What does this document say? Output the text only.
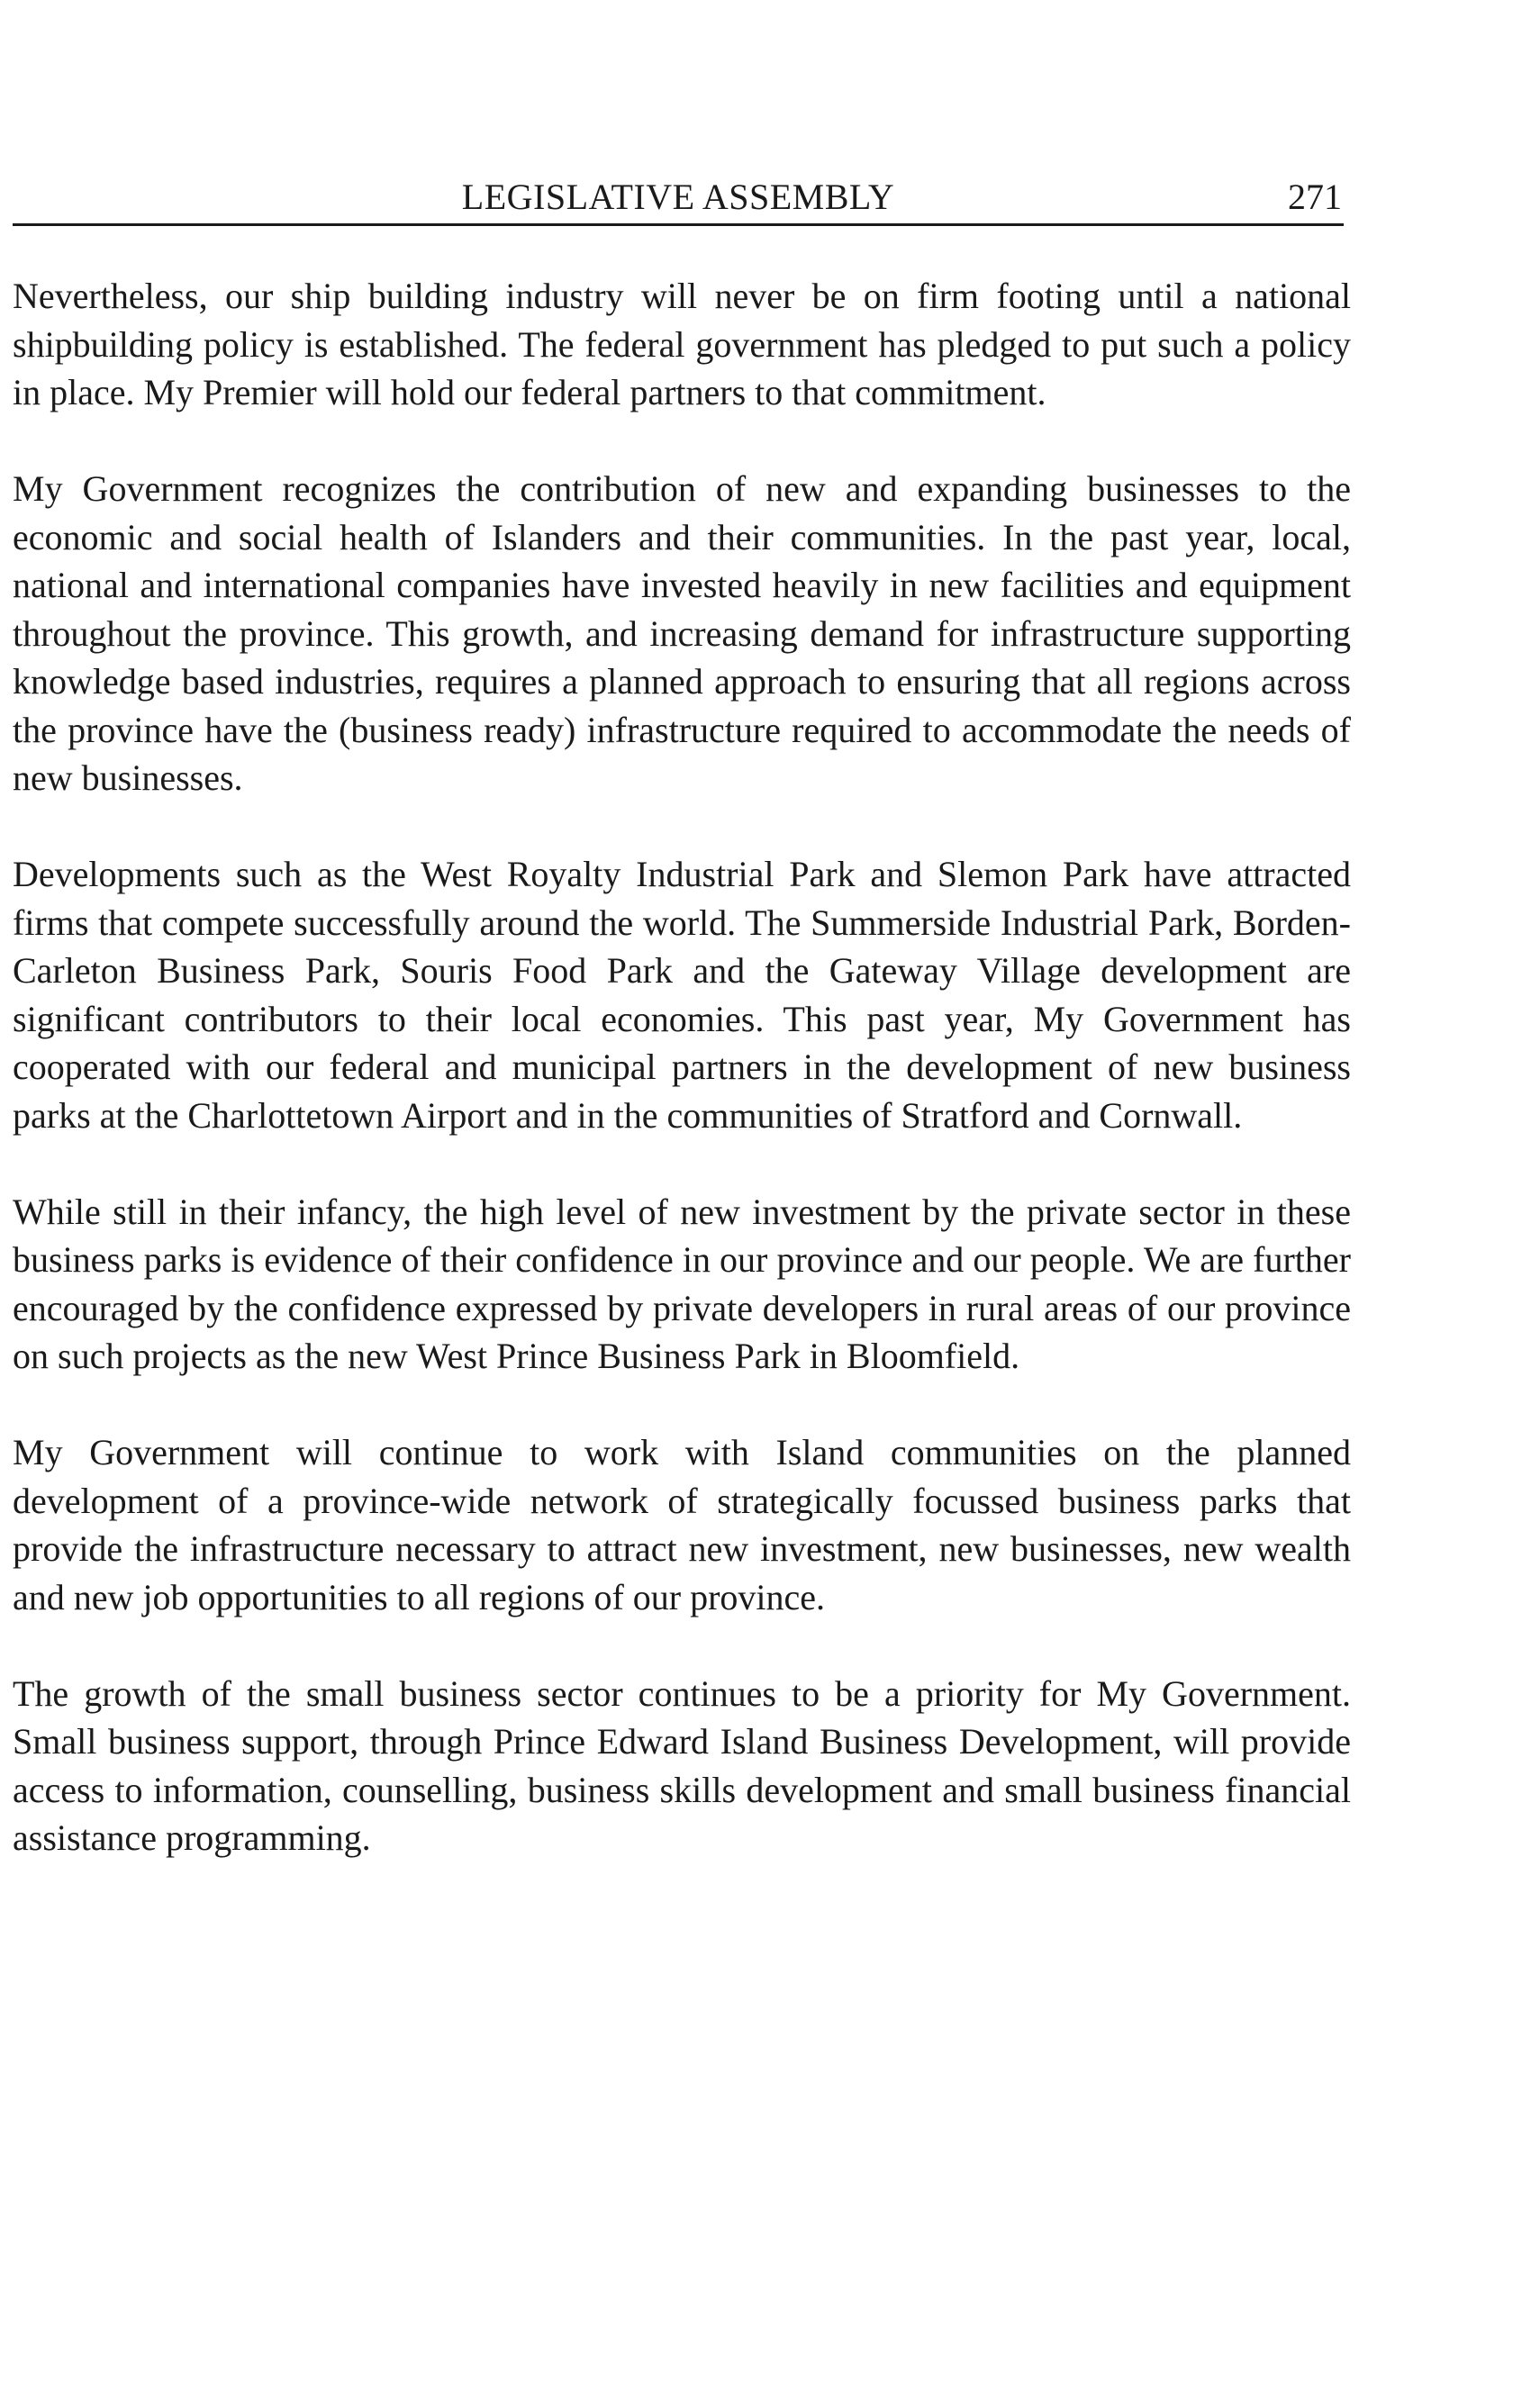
LEGISLATIVE ASSEMBLY	271

Nevertheless, our ship building industry will never be on firm footing until a national shipbuilding policy is established. The federal government has pledged to put such a policy in place. My Premier will hold our federal partners to that commitment.

My Government recognizes the contribution of new and expanding businesses to the economic and social health of Islanders and their communities. In the past year, local, national and international companies have invested heavily in new facilities and equipment throughout the province. This growth, and increasing demand for infrastructure supporting knowledge based industries, requires a planned approach to ensuring that all regions across the province have the (business ready) infrastructure required to accommodate the needs of new businesses.

Developments such as the West Royalty Industrial Park and Slemon Park have attracted firms that compete successfully around the world. The Summerside Industrial Park, Borden-Carleton Business Park, Souris Food Park and the Gateway Village development are significant contributors to their local economies. This past year, My Government has cooperated with our federal and municipal partners in the development of new business parks at the Charlottetown Airport and in the communities of Stratford and Cornwall.

While still in their infancy, the high level of new investment by the private sector in these business parks is evidence of their confidence in our province and our people. We are further encouraged by the confidence expressed by private developers in rural areas of our province on such projects as the new West Prince Business Park in Bloomfield.

My Government will continue to work with Island communities on the planned development of a province-wide network of strategically focussed business parks that provide the infrastructure necessary to attract new investment, new businesses, new wealth and new job opportunities to all regions of our province.

The growth of the small business sector continues to be a priority for My Government. Small business support, through Prince Edward Island Business Development, will provide access to information, counselling, business skills development and small business financial assistance programming.
